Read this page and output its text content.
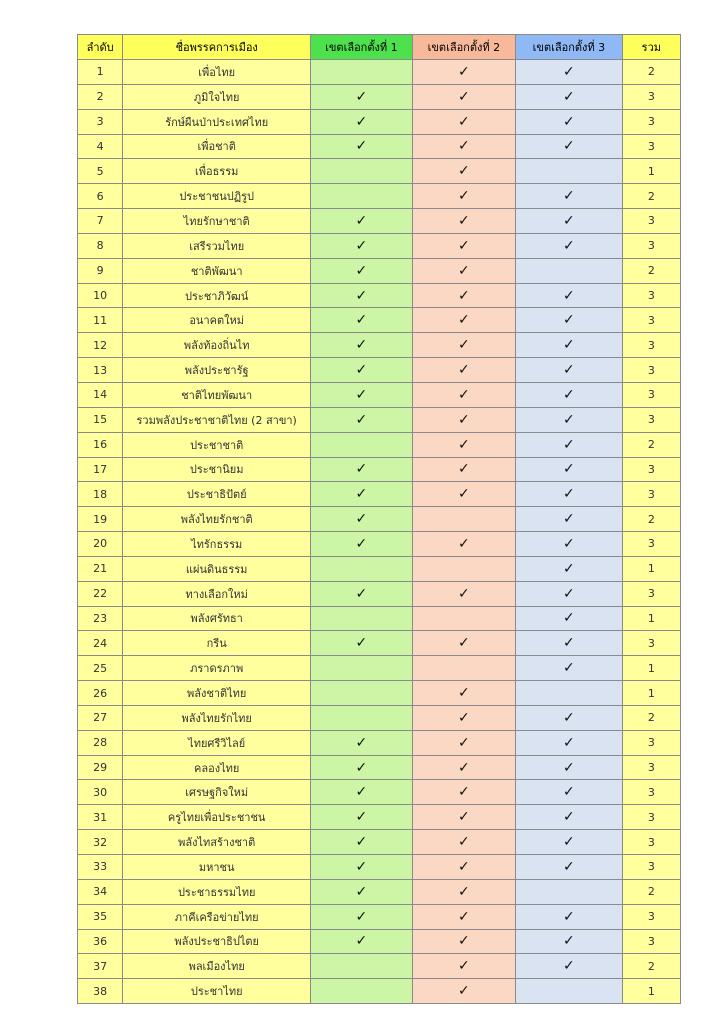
ลำดับ	ชื่อพรรคการเมือง	เขตเลือกตั้งที่ 1	เขตเลือกตั้งที่ 2	เขตเลือกตั้งที่ 3	รวม
1	เพื่อไทย		✓	✓	2
2	ภูมิใจไทย	✓	✓	✓	3
3	รักษ์ผืนป่าประเทศไทย	✓	✓	✓	3
4	เพื่อชาติ	✓	✓	✓	3
5	เพื่อธรรม		✓		1
6	ประชาชนปฏิรูป		✓	✓	2
7	ไทยรักษาชาติ	✓	✓	✓	3
8	เสรีรวมไทย	✓	✓	✓	3
9	ชาติพัฒนา	✓	✓		2
10	ประชาภิวัฒน์	✓	✓	✓	3
11	อนาคตใหม่	✓	✓	✓	3
12	พลังท้องถิ่นไท	✓	✓	✓	3
13	พลังประชารัฐ	✓	✓	✓	3
14	ชาติไทยพัฒนา	✓	✓	✓	3
15	รวมพลังประชาชาติไทย (2 สาขา)	✓	✓	✓	3
16	ประชาชาติ		✓	✓	2
17	ประชานิยม	✓	✓	✓	3
18	ประชาธิปัตย์	✓	✓	✓	3
19	พลังไทยรักชาติ	✓		✓	2
20	ไทรักธรรม	✓	✓	✓	3
21	แผ่นดินธรรม			✓	1
22	ทางเลือกใหม่	✓	✓	✓	3
23	พลังศรัทธา			✓	1
24	กรีน	✓	✓	✓	3
25	ภราดรภาพ			✓	1
26	พลังชาติไทย		✓		1
27	พลังไทยรักไทย		✓	✓	2
28	ไทยศรีวิไลย์	✓	✓	✓	3
29	คลองไทย	✓	✓	✓	3
30	เศรษฐกิจใหม่	✓	✓	✓	3
31	ครูไทยเพื่อประชาชน	✓	✓	✓	3
32	พลังไทสร้างชาติ	✓	✓	✓	3
33	มหาชน	✓	✓	✓	3
34	ประชาธรรมไทย	✓	✓		2
35	ภาคีเครือข่ายไทย	✓	✓	✓	3
36	พลังประชาธิปไตย	✓	✓	✓	3
37	พลเมืองไทย		✓	✓	2
38	ประชาไทย		✓		1
